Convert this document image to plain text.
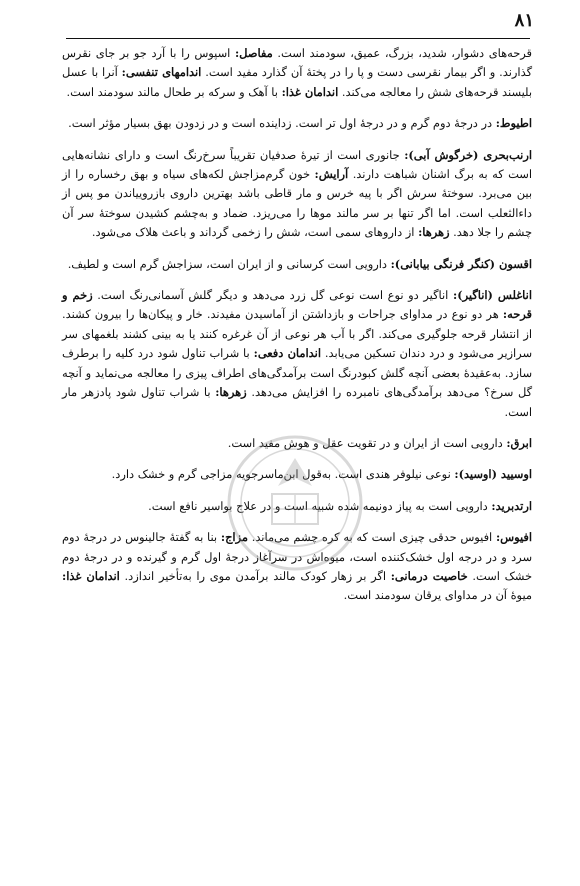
۸۱

قرحه‌های دشوار، شدید، بزرگ، عمیق، سودمند است. مفاصل: اسپوس را با آرد جو بر جای نقرس گذارند. و اگر بیمار نقرسی دست و پا را در پختهٔ آن گذارد مفید است. اندامهای تنفسی: آنرا با عسل بلیسند قرحه‌های شش را معالجه می‌کند. اندامان غذا: با آهک و سرکه بر طحال مالند سودمند است.

اطیوط: در درجهٔ دوم گرم و در درجهٔ اول تر است. زداینده است و در زدودن بهق بسیار مؤثر است.

ارنب‌بحری (خرگوش آبی): جانوری است از تیرهٔ صدفیان تقریباً سرخ‌رنگ است و دارای نشانه‌هایی است که به برگ اشنان شباهت دارند. آرایش: خون گرم‌مزاجش لکه‌های سیاه و بهق رخساره را از بین می‌برد. سوختهٔ سرش اگر با پیه خرس و مار قاطی باشد بهترین داروی بازروییاندن مو پس از داءالثعلب است. اما اگر تنها بر سر مالند موها را می‌ریزد. ضماد و به‌چشم کشیدن سوختهٔ سر آن چشم را جلا دهد. زهرها: از داروهای سمی است، شش را زخمی گرداند و باعث هلاک می‌شود.

اقسون (کنگر فرنگی بیابانی): دارویی است کرسانی و از ایران است، سزاجش گرم است و لطیف.

اناغلس (اناگیر): اناگیر دو نوع است نوعی گل زرد می‌دهد و دیگر گلش آسمانی‌رنگ است. زخم و قرحه: هر دو نوع در مداوای جراحات و بازداشتن از آماسیدن مفیدند. خار و پیکان‌ها را بیرون کشند. از انتشار قرحه جلوگیری می‌کند. اگر با آب هر نوعی از آن غرغره کنند یا به بینی کشند بلغمهای سر سرازیر می‌شود و درد دندان تسکین می‌یابد. اندامان دفعی: با شراب تناول شود درد کلیه را برطرف سازد. به‌عقیدهٔ بعضی آنچه گلش کبودرنگ است برآمدگی‌های اطراف پیزی را معالجه می‌نماید و آنچه گل سرخ؟ می‌دهد برآمدگی‌های نامبرده را افزایش می‌دهد. زهرها: با شراب تناول شود پادزهر مار است.

ابرق: دارویی است از ایران و در تقویت عقل و هوش مفید است.

اوسیید (اوسید): نوعی نیلوفر هندی است. به‌قول ابن‌ماسرجویه مزاجی گرم و خشک دارد.

ارتدبرید: دارویی است به پیاز دونیمه شده شبیه است و در علاج بواسیر نافع است.

افیوس: افیوس حدقی چیزی است که به کره چشم می‌ماند. مزاج: بنا به گفتهٔ جالینوس در درجهٔ دوم سرد و در درجه اول خشک‌کننده است، میوه‌اش در سرآغاز درجهٔ اول گرم و گیرنده و در درجهٔ دوم خشک است. خاصیت درمانی: اگر بر زهار کودک مالند برآمدن موی را به‌تأخیر اندازد. اندامان غذا: میوهٔ آن در مداوای یرقان سودمند است.
